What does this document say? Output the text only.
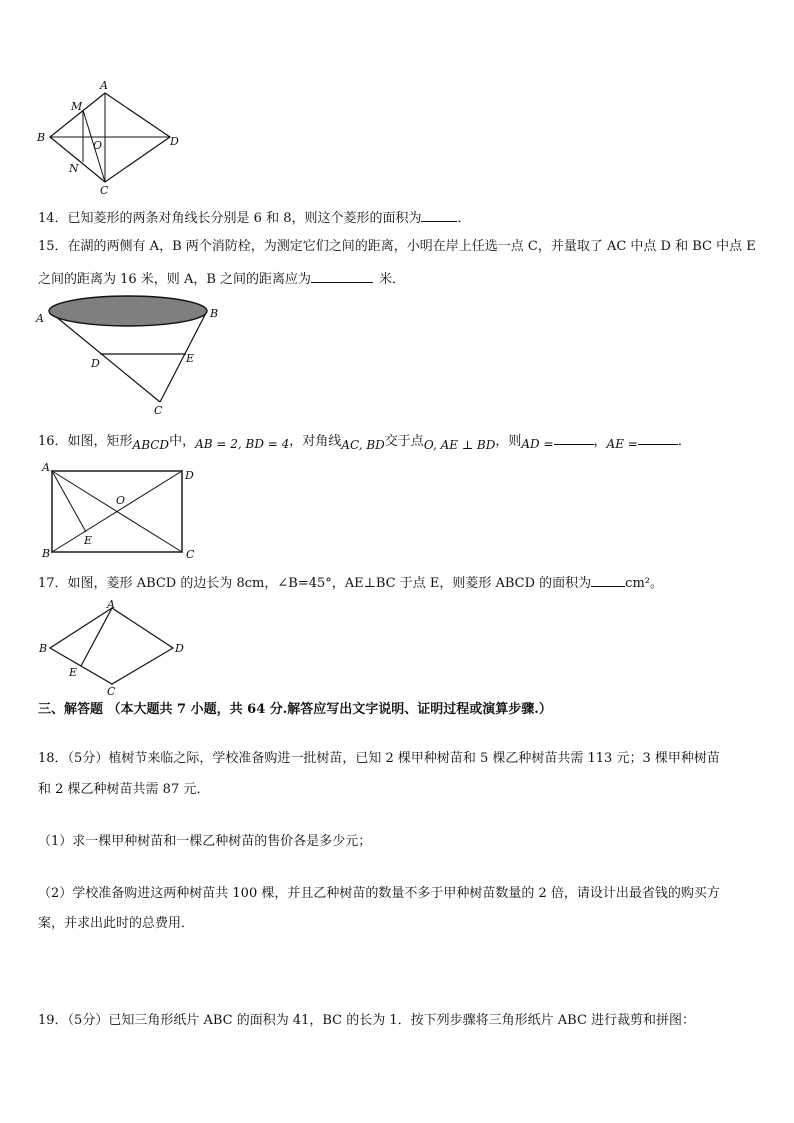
A
B
C
D
M
N
O
14．已知菱形的两条对角线长分别是 6 和 8，则这个菱形的面积为	．
15．在湖的两侧有 A，B 两个消防栓，为测定它们之间的距离，小明在岸上任选一点 C，并量取了 AC 中点 D 和 BC 中点 E
之间的距离为 16 米，则 A，B 之间的距离应为	米．
A	B
D	E
C
16．如图，矩形ABCD中，AB = 2, BD = 4，对角线AC, BD交于点O, AE ⊥ BD，则AD =	，AE =	．
A
D
O
E
B	C
17．如图，菱形 ABCD 的边长为 8cm，∠B=45°，AE⊥BC 于点 E，则菱形 ABCD 的面积为	cm²。
A
B	D
E
C
三、解答题 （本大题共 7 小题，共 64 分.解答应写出文字说明、证明过程或演算步骤.）
18．（5分）植树节来临之际，学校准备购进一批树苗，已知 2 棵甲种树苗和 5 棵乙种树苗共需 113 元；3 棵甲种树苗
和 2 棵乙种树苗共需 87 元．
（1）求一棵甲种树苗和一棵乙种树苗的售价各是多少元；
（2）学校准备购进这两种树苗共 100 棵，并且乙种树苗的数量不多于甲种树苗数量的 2 倍，请设计出最省钱的购买方
案，并求出此时的总费用．
19．（5分）已知三角形纸片 ABC 的面积为 41，BC 的长为 1．按下列步骤将三角形纸片 ABC 进行裁剪和拼图：
